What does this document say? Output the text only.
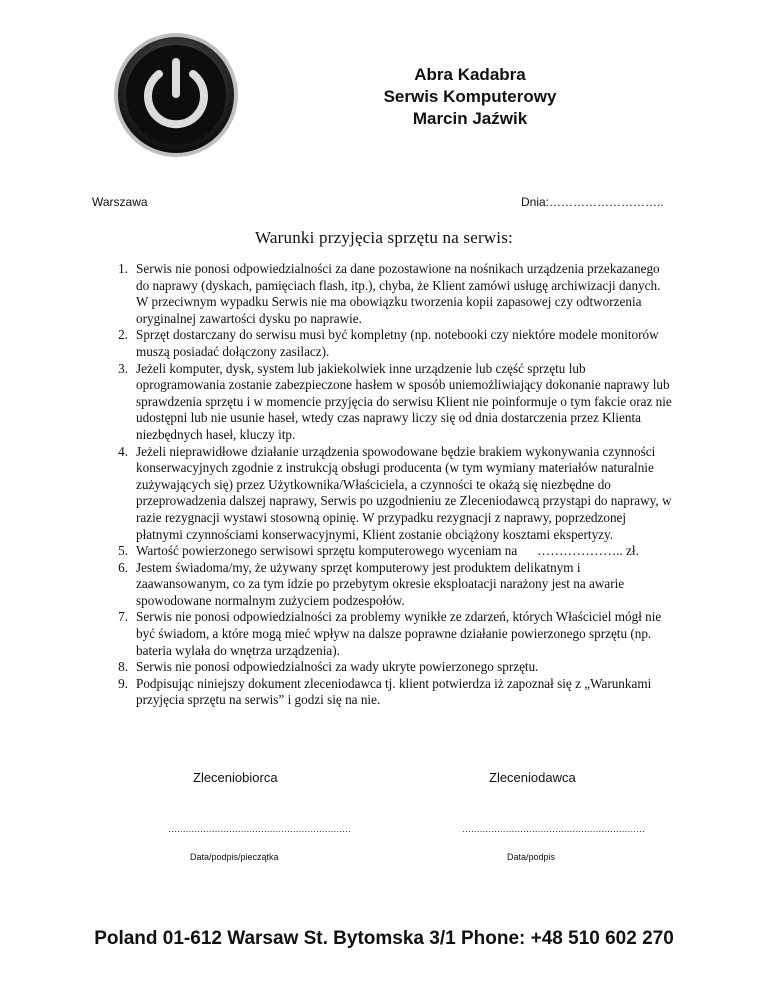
Abra Kadabra
Serwis Komputerowy
Marcin Jaźwik
Warszawa	Dnia:………………………..
Warunki przyjęcia sprzętu na serwis:
1. Serwis nie ponosi odpowiedzialności za dane pozostawione na nośnikach urządzenia przekazanego do naprawy (dyskach, pamięciach flash, itp.), chyba, że Klient zamówi usługę archiwizacji danych. W przeciwnym wypadku Serwis nie ma obowiązku tworzenia kopii zapasowej czy odtworzenia oryginalnej zawartości dysku po naprawie.
2. Sprzęt dostarczany do serwisu musi być kompletny (np. notebooki czy niektóre modele monitorów muszą posiadać dołączony zasilacz).
3. Jeżeli komputer, dysk, system lub jakiekolwiek inne urządzenie lub część sprzętu lub oprogramowania zostanie zabezpieczone hasłem w sposób uniemożliwiający dokonanie naprawy lub sprawdzenia sprzętu i w momencie przyjęcia do serwisu Klient nie poinformuje o tym fakcie oraz nie udostępni lub nie usunie haseł, wtedy czas naprawy liczy się od dnia dostarczenia przez Klienta niezbędnych haseł, kluczy itp.
4. Jeżeli nieprawidłowe działanie urządzenia spowodowane będzie brakiem wykonywania czynności konserwacyjnych zgodnie z instrukcją obsługi producenta (w tym wymiany materiałów naturalnie zużywających się) przez Użytkownika/Właściciela, a czynności te okażą się niezbędne do przeprowadzenia dalszej naprawy, Serwis po uzgodnieniu ze Zleceniodawcą przystąpi do naprawy, w razie rezygnacji wystawi stosowną opinię. W przypadku rezygnacji z naprawy, poprzedzonej płatnymi czynnościami konserwacyjnymi, Klient zostanie obciążony kosztami ekspertyzy.
5. Wartość powierzonego serwisowi sprzętu komputerowego wyceniam na      ……………….. zł.
6. Jestem świadoma/my, że używany sprzęt komputerowy jest produktem delikatnym i zaawansowanym, co za tym idzie po przebytym okresie eksploatacji narażony jest na awarie spowodowane normalnym zużyciem podzespołów.
7. Serwis nie ponosi odpowiedzialności za problemy wynikłe ze zdarzeń, których Właściciel mógł nie być świadom, a które mogą mieć wpływ na dalsze poprawne działanie powierzonego sprzętu (np. bateria wylała do wnętrza urządzenia).
8. Serwis nie ponosi odpowiedzialności za wady ukryte powierzonego sprzętu.
9. Podpisując niniejszy dokument zleceniodawca tj. klient potwierdza iż zapoznał się z „Warunkami przyjęcia sprzętu na serwis” i godzi się na nie.
Zleceniobiorca	Zleceniodawca
………………………………………………………	………………………………………………………
Data/podpis/pieczątka	Data/podpis
Poland 01-612 Warsaw St. Bytomska 3/1 Phone: +48 510 602 270
